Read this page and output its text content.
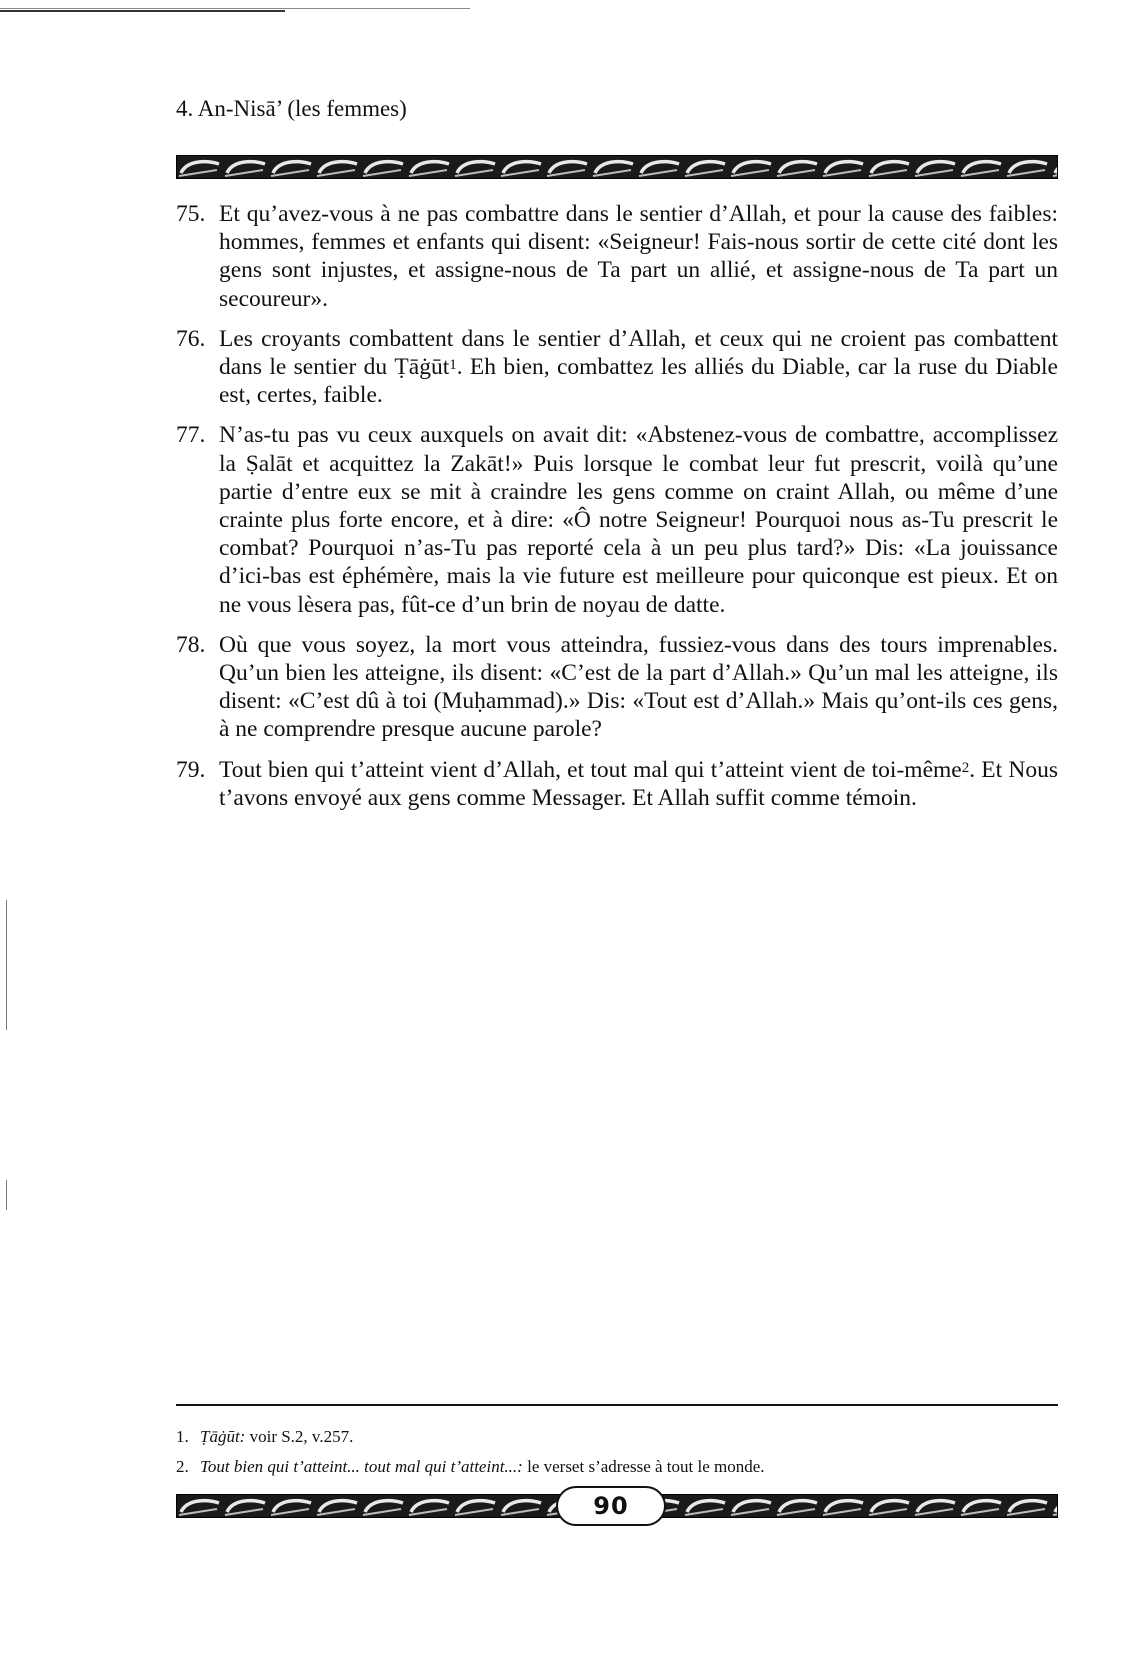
4. An-Nisā’ (les femmes)
75. Et qu’avez-vous à ne pas combattre dans le sentier d’Allah, et pour la cause des faibles: hommes, femmes et enfants qui disent: «Seigneur! Fais-nous sortir de cette cité dont les gens sont injustes, et assigne-nous de Ta part un allié, et assigne-nous de Ta part un secoureur».
76. Les croyants combattent dans le sentier d’Allah, et ceux qui ne croient pas combattent dans le sentier du Ṭāġūt$^1$. Eh bien, combattez les alliés du Diable, car la ruse du Diable est, certes, faible.
77. N’as-tu pas vu ceux auxquels on avait dit: «Abstenez-vous de combattre, accomplissez la Ṣalāt et acquittez la Zakāt!» Puis lorsque le combat leur fut prescrit, voilà qu’une partie d’entre eux se mit à craindre les gens comme on craint Allah, ou même d’une crainte plus forte encore, et à dire: «Ô notre Seigneur! Pourquoi nous as-Tu prescrit le combat? Pourquoi n’as-Tu pas reporté cela à un peu plus tard?» Dis: «La jouissance d’ici-bas est éphémère, mais la vie future est meilleure pour quiconque est pieux. Et on ne vous lèsera pas, fût-ce d’un brin de noyau de datte.
78. Où que vous soyez, la mort vous atteindra, fussiez-vous dans des tours imprenables. Qu’un bien les atteigne, ils disent: «C’est de la part d’Allah.» Qu’un mal les atteigne, ils disent: «C’est dû à toi (Muḥammad).» Dis: «Tout est d’Allah.» Mais qu’ont-ils ces gens, à ne comprendre presque aucune parole?
79. Tout bien qui t’atteint vient d’Allah, et tout mal qui t’atteint vient de toi-même$^2$. Et Nous t’avons envoyé aux gens comme Messager. Et Allah suffit comme témoin.
1. Ṭāġūt: voir S.2, v.257.
2. Tout bien qui t’atteint... tout mal qui t’atteint...: le verset s’adresse à tout le monde.
90
